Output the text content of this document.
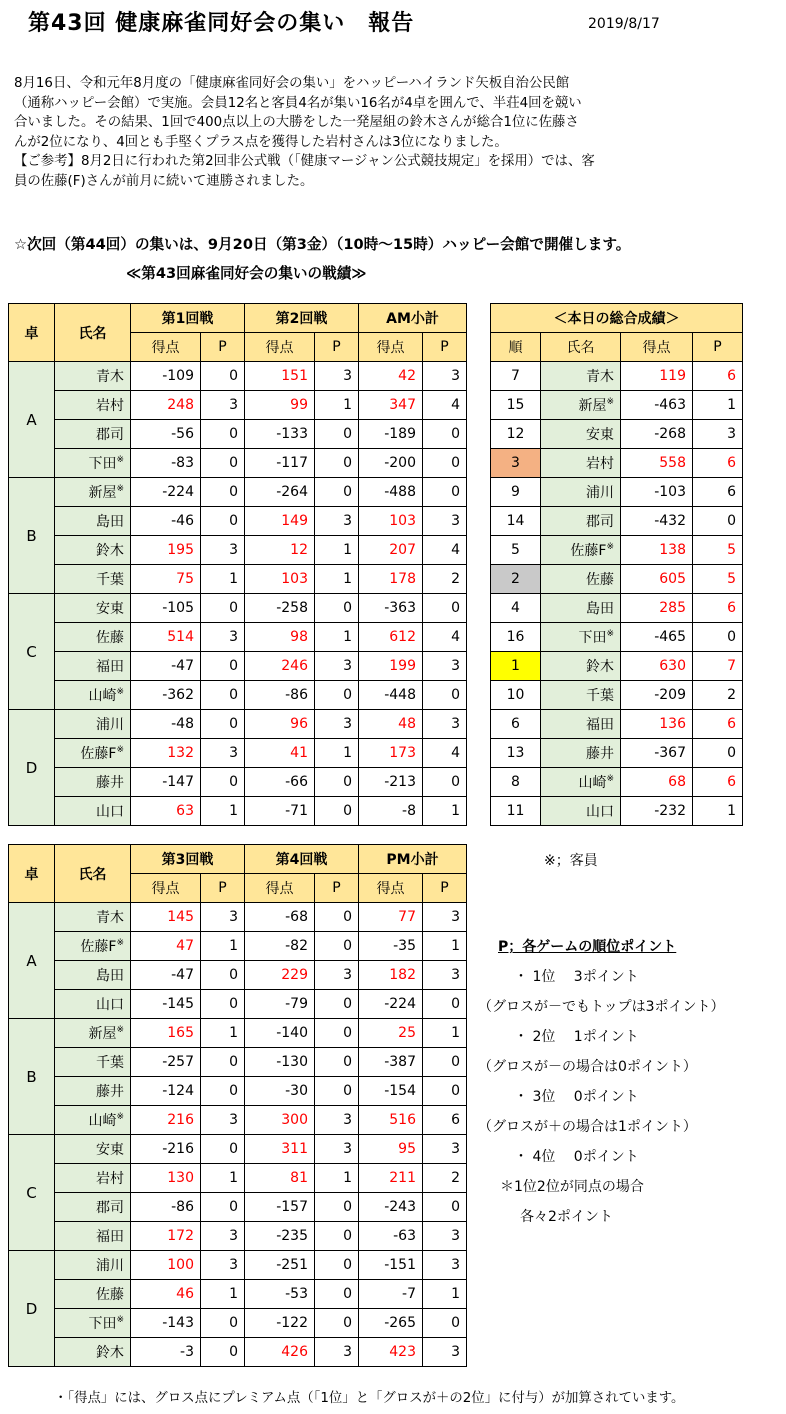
第43回 健康麻雀同好会の集い　報告	2019/8/17

8月16日、令和元年8月度の「健康麻雀同好会の集い」をハッピーハイランド矢板自治公民館

（通称ハッピー会館）で実施。会員12名と客員4名が集い16名が4卓を囲んで、半荘4回を競い

合いました。その結果、1回で400点以上の大勝をした一発屋組の鈴木さんが総合1位に佐藤さ

んが2位になり、4回とも手堅くプラス点を獲得した岩村さんは3位になりました。

【ご参考】8月2日に行われた第2回非公式戦（「健康マージャン公式競技規定」を採用）では、客

員の佐藤(F)さんが前月に続いて連勝されました。

☆次回（第44回）の集いは、9月20日（第3金）（10時〜15時）ハッピー会館で開催します。
≪第43回麻雀同好会の集いの戦績≫
卓	氏名	第1回戦		第2回戦		AM小計	
		得点	P	得点	P	得点	P
A	青木	-109	0	151	3	42	3
	岩村	248	3	99	1	347	4
	郡司	-56	0	-133	0	-189	0
	下田※	-83	0	-117	0	-200	0
B	新屋※	-224	0	-264	0	-488	0
	島田	-46	0	149	3	103	3
	鈴木	195	3	12	1	207	4
	千葉	75	1	103	1	178	2
C	安東	-105	0	-258	0	-363	0
	佐藤	514	3	98	1	612	4
	福田	-47	0	246	3	199	3
	山崎※	-362	0	-86	0	-448	0
D	浦川	-48	0	96	3	48	3
	佐藤F※	132	3	41	1	173	4
	藤井	-147	0	-66	0	-213	0
	山口	63	1	-71	0	-8	1
卓	氏名	第3回戦		第4回戦		PM小計	
		得点	P	得点	P	得点	P
A	青木	145	3	-68	0	77	3
	佐藤F※	47	1	-82	0	-35	1
	島田	-47	0	229	3	182	3
	山口	-145	0	-79	0	-224	0
B	新屋※	165	1	-140	0	25	1
	千葉	-257	0	-130	0	-387	0
	藤井	-124	0	-30	0	-154	0
	山崎※	216	3	300	3	516	6
C	安東	-216	0	311	3	95	3
	岩村	130	1	81	1	211	2
	郡司	-86	0	-157	0	-243	0
	福田	172	3	-235	0	-63	3
D	浦川	100	3	-251	0	-151	3
	佐藤	46	1	-53	0	-7	1
	下田※	-143	0	-122	0	-265	0
	鈴木	-3	0	426	3	423	3
＜本日の総合成績＞			
順	氏名	得点	P
7	青木	119	6
15	新屋※	-463	1
12	安東	-268	3
3	岩村	558	6
9	浦川	-103	6
14	郡司	-432	0
5	佐藤F※	138	5
2	佐藤	605	5
4	島田	285	6
16	下田※	-465	0
1	鈴木	630	7
10	千葉	-209	2
6	福田	136	6
13	藤井	-367	0
8	山崎※	68	6
11	山口	-232	1
※；客員
P；各ゲームの順位ポイント
・ 1位　 3ポイント
（グロスが－でもトップは3ポイント）
・ 2位　 1ポイント
（グロスが－の場合は0ポイント）
・ 3位　 0ポイント
（グロスが＋の場合は1ポイント）
・ 4位　 0ポイント
＊1位2位が同点の場合
各々2ポイント
・「得点」には、グロス点にプレミアム点（「1位」と「グロスが＋の2位」に付与）が加算されています。
